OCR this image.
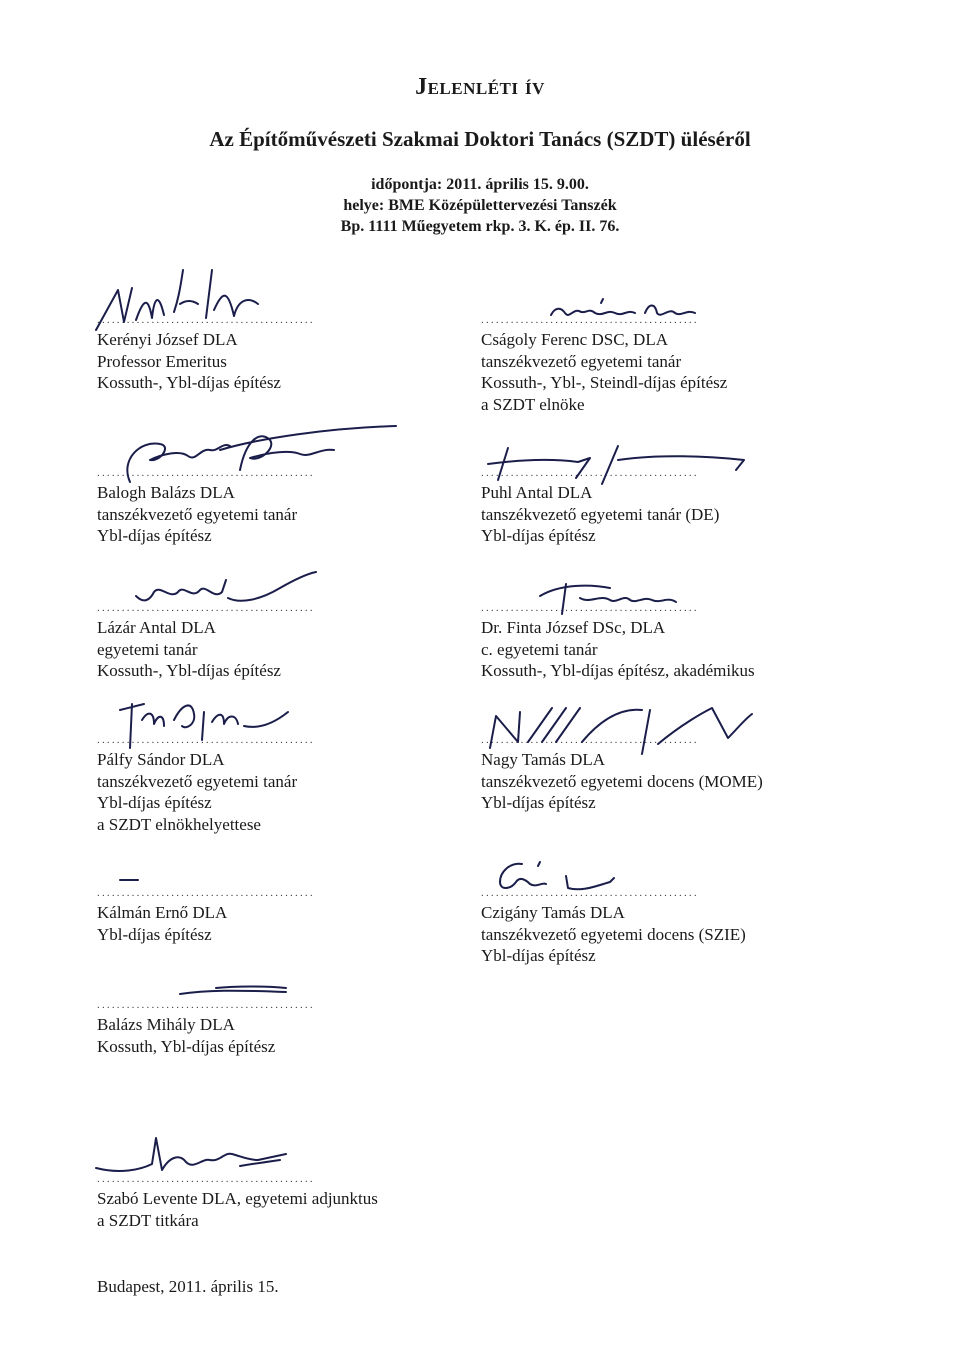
Jelenléti ív
Az Építőművészeti Szakmai Doktori Tanács (SZDT) üléséről
időpontja: 2011. április 15. 9.00.
helye: BME Középülettervezési Tanszék
Bp. 1111 Műegyetem rkp. 3. K. ép. II. 76.
............................................
Kerényi József DLA
Professor Emeritus
Kossuth-, Ybl-díjas építész
............................................
Cságoly Ferenc DSC, DLA
tanszékvezető egyetemi tanár
Kossuth-, Ybl-, Steindl-díjas építész
a SZDT elnöke
............................................
Balogh Balázs DLA
tanszékvezető egyetemi tanár
Ybl-díjas építész
............................................
Puhl Antal DLA
tanszékvezető egyetemi tanár (DE)
Ybl-díjas építész
............................................
Lázár Antal DLA
egyetemi tanár
Kossuth-, Ybl-díjas építész
............................................
Dr. Finta József DSc, DLA
c. egyetemi tanár
Kossuth-, Ybl-díjas építész, akadémikus
............................................
Pálfy Sándor DLA
tanszékvezető egyetemi tanár
Ybl-díjas építész
a SZDT elnökhelyettese
............................................
Nagy Tamás DLA
tanszékvezető egyetemi docens (MOME)
Ybl-díjas építész
............................................
Kálmán Ernő DLA
Ybl-díjas építész
............................................
Czigány Tamás DLA
tanszékvezető egyetemi docens (SZIE)
Ybl-díjas építész
............................................
Balázs Mihály DLA
Kossuth, Ybl-díjas építész
............................................
Szabó Levente DLA, egyetemi adjunktus
a SZDT titkára
Budapest, 2011. április 15.
